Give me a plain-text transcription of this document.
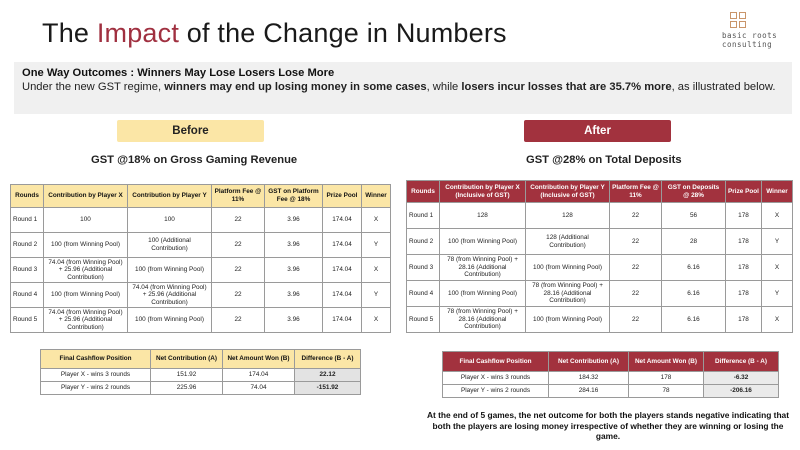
The Impact of the Change in Numbers	basic roots
consulting
One Way Outcomes : Winners May Lose Losers Lose More
Under the new GST regime, winners may end up losing money in some cases, while losers incur losses that are 35.7% more, as illustrated below.
Before	After
GST @18% on Gross Gaming Revenue	GST @28% on Total Deposits
Rounds	Contribution by Player X	Contribution by Player Y	Platform Fee @ 11%	GST on Platform Fee @ 18%	Prize Pool	Winner
Round 1	100	100	22	3.96	174.04	X
Round 2	100 (from Winning Pool)	100 (Additional Contribution)	22	3.96	174.04	Y
Round 3	74.04 (from Winning Pool) + 25.96 (Additional Contribution)	100 (from Winning Pool)	22	3.96	174.04	X
Round 4	100 (from Winning Pool)	74.04 (from Winning Pool) + 25.96 (Additional Contribution)	22	3.96	174.04	Y
Round 5	74.04 (from Winning Pool) + 25.96 (Additional Contribution)	100 (from Winning Pool)	22	3.96	174.04	X
Rounds	Contribution by Player X (Inclusive of GST)	Contribution by Player Y (Inclusive of GST)	Platform Fee @ 11%	GST on Deposits @ 28%	Prize Pool	Winner
Round 1	128	128	22	56	178	X
Round 2	100 (from Winning Pool)	128 (Additional Contribution)	22	28	178	Y
Round 3	78 (from Winning Pool) + 28.16 (Additional Contribution)	100 (from Winning Pool)	22	6.16	178	X
Round 4	100 (from Winning Pool)	78 (from Winning Pool) + 28.16 (Additional Contribution)	22	6.16	178	Y
Round 5	78 (from Winning Pool) + 28.16 (Additional Contribution)	100 (from Winning Pool)	22	6.16	178	X
Final Cashflow Position	Net Contribution (A)	Net Amount Won (B)	Difference (B - A)
Player X - wins 3 rounds	151.92	174.04	22.12
Player Y - wins 2 rounds	225.96	74.04	-151.92
Final Cashflow Position	Net Contribution (A)	Net Amount Won (B)	Difference (B - A)
Player X - wins 3 rounds	184.32	178	-6.32
Player Y - wins 2 rounds	284.16	78	-206.16
At the end of 5 games, the net outcome for both the players stands negative indicating that both the players are losing money irrespective of whether they are winning or losing the game.
